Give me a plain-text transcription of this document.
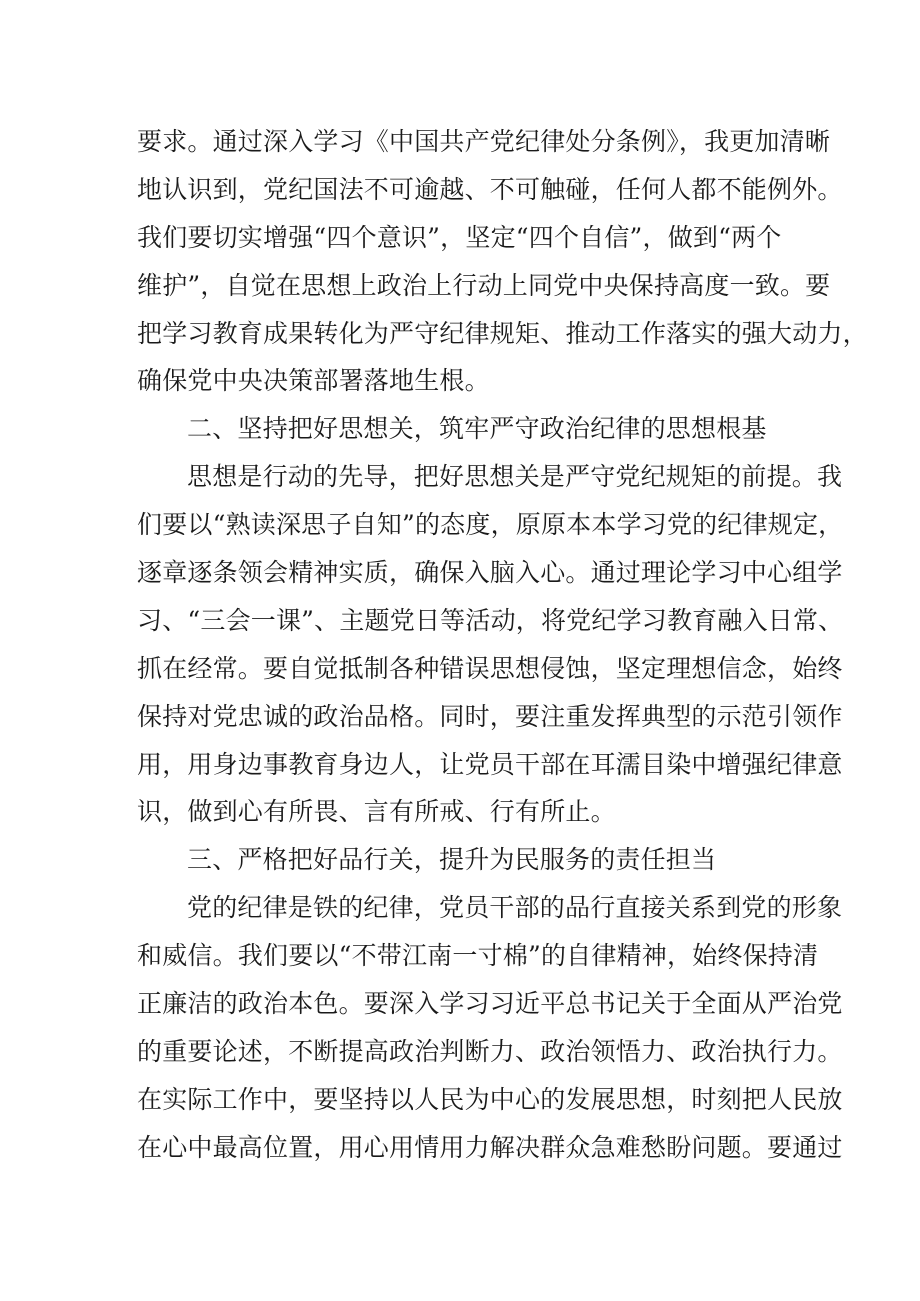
要求。通过深入学习《中国共产党纪律处分条例》，我更加清晰
地认识到，党纪国法不可逾越、不可触碰，任何人都不能例外。
我们要切实增强“四个意识”，坚定“四个自信”，做到“两个
维护”，自觉在思想上政治上行动上同党中央保持高度一致。要
把学习教育成果转化为严守纪律规矩、推动工作落实的强大动力，
确保党中央决策部署落地生根。
二、坚持把好思想关，筑牢严守政治纪律的思想根基
思想是行动的先导，把好思想关是严守党纪规矩的前提。我
们要以“熟读深思子自知”的态度，原原本本学习党的纪律规定，
逐章逐条领会精神实质，确保入脑入心。通过理论学习中心组学
习、“三会一课”、主题党日等活动，将党纪学习教育融入日常、
抓在经常。要自觉抵制各种错误思想侵蚀，坚定理想信念，始终
保持对党忠诚的政治品格。同时，要注重发挥典型的示范引领作
用，用身边事教育身边人，让党员干部在耳濡目染中增强纪律意
识，做到心有所畏、言有所戒、行有所止。
三、严格把好品行关，提升为民服务的责任担当
党的纪律是铁的纪律，党员干部的品行直接关系到党的形象
和威信。我们要以“不带江南一寸棉”的自律精神，始终保持清
正廉洁的政治本色。要深入学习习近平总书记关于全面从严治党
的重要论述，不断提高政治判断力、政治领悟力、政治执行力。
在实际工作中，要坚持以人民为中心的发展思想，时刻把人民放
在心中最高位置，用心用情用力解决群众急难愁盼问题。要通过
